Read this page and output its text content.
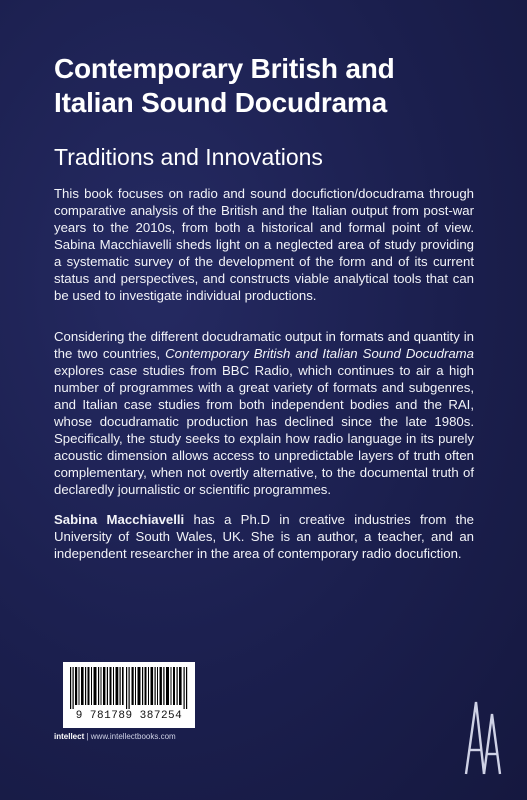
Contemporary British and
Italian Sound Docudrama
Traditions and Innovations
This book focuses on radio and sound docufiction/docudrama through comparative analysis of the British and the Italian output from post-war years to the 2010s, from both a historical and formal point of view. Sabina Macchiavelli sheds light on a neglected area of study providing a systematic survey of the development of the form and of its current status and perspectives, and constructs viable analytical tools that can be used to investigate individual productions.
Considering the different docudramatic output in formats and quantity in the two countries, Contemporary British and Italian Sound Docudrama explores case studies from BBC Radio, which continues to air a high number of programmes with a great variety of formats and subgenres, and Italian case studies from both independent bodies and the RAI, whose docudramatic production has declined since the late 1980s. Specifically, the study seeks to explain how radio language in its purely acoustic dimension allows access to unpredictable layers of truth often complementary, when not overtly alternative, to the documental truth of declaredly journalistic or scientific programmes.
Sabina Macchiavelli has a Ph.D in creative industries from the University of South Wales, UK. She is an author, a teacher, and an independent researcher in the area of contemporary radio docufiction.
9 781789 387254
intellect | www.intellectbooks.com
